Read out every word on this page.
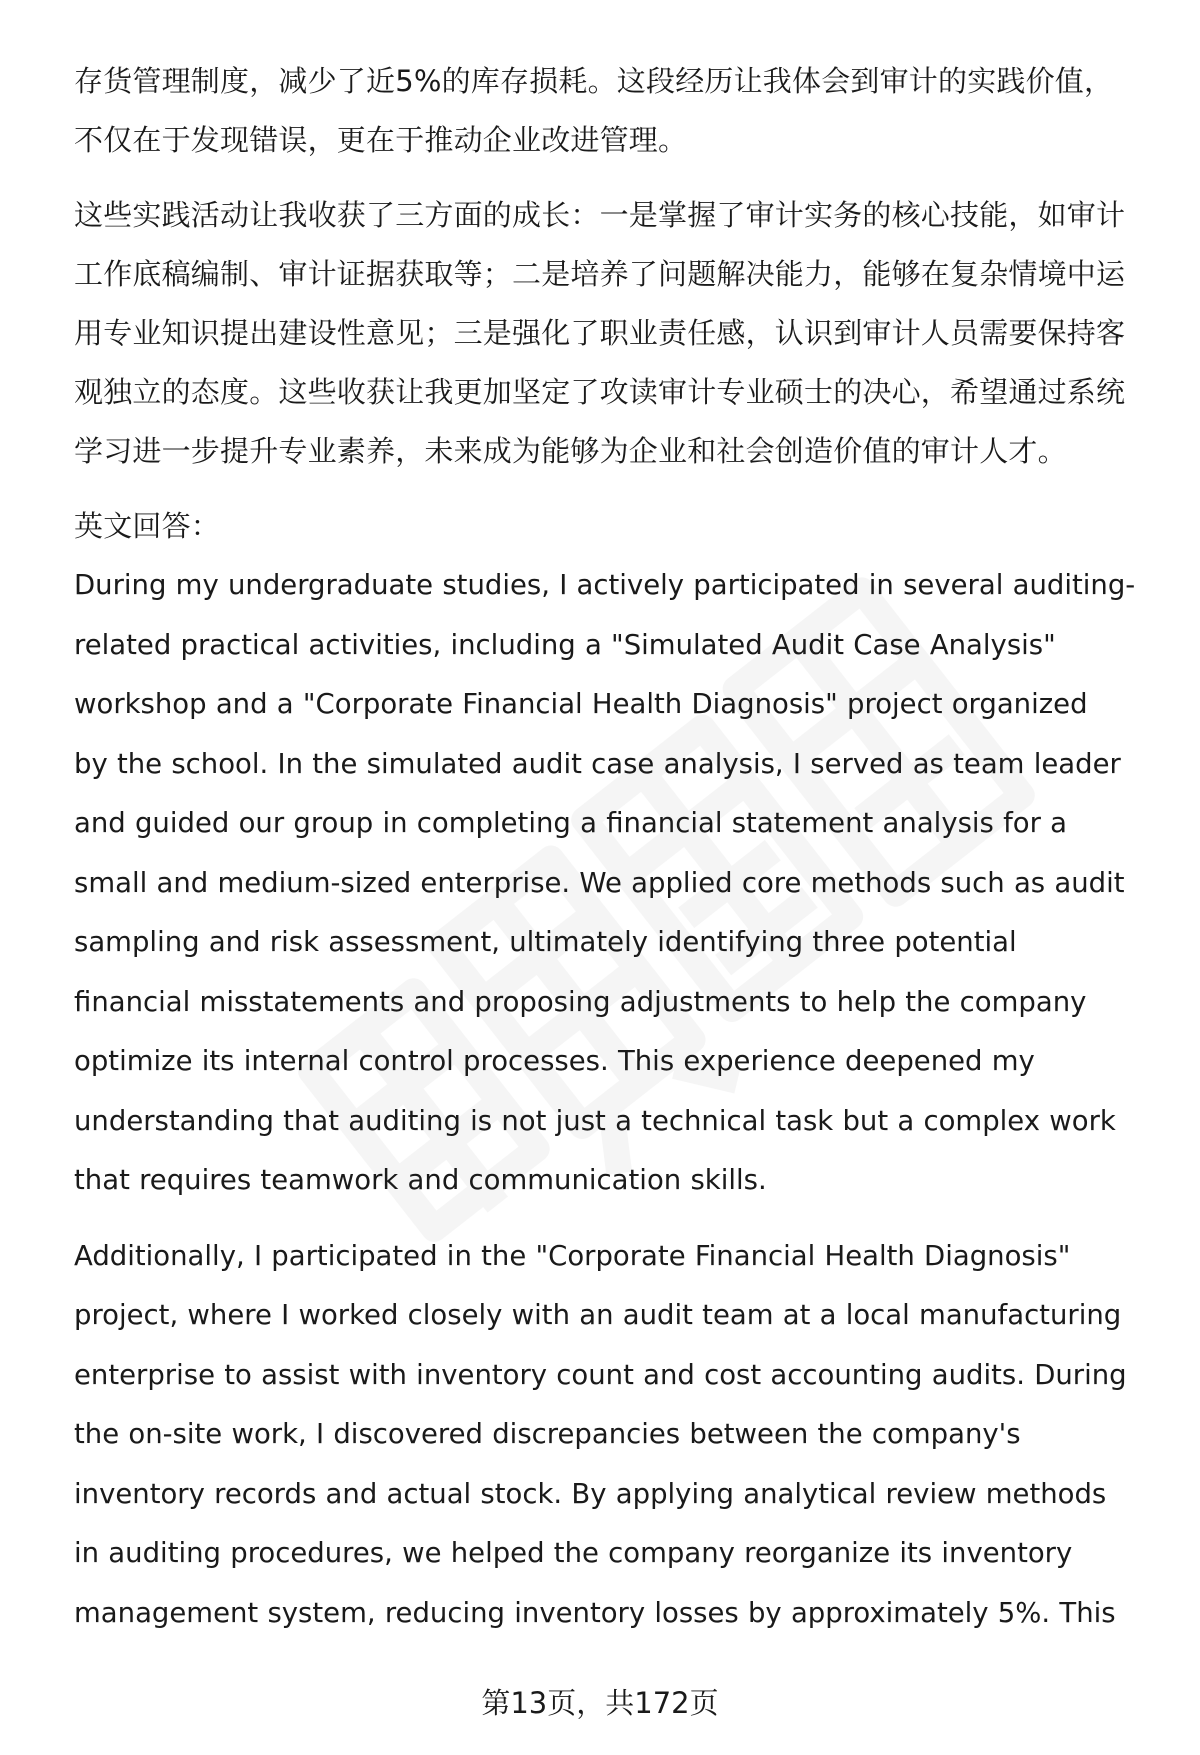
存货管理制度，减少了近5%的库存损耗。这段经历让我体会到审计的实践价值，
不仅在于发现错误，更在于推动企业改进管理。

这些实践活动让我收获了三方面的成长：一是掌握了审计实务的核心技能，如审计
工作底稿编制、审计证据获取等；二是培养了问题解决能力，能够在复杂情境中运
用专业知识提出建设性意见；三是强化了职业责任感，认识到审计人员需要保持客
观独立的态度。这些收获让我更加坚定了攻读审计专业硕士的决心，希望通过系统
学习进一步提升专业素养，未来成为能够为企业和社会创造价值的审计人才。

英文回答：

During my undergraduate studies, I actively participated in several auditing-
related practical activities, including a "Simulated Audit Case Analysis"
workshop and a "Corporate Financial Health Diagnosis" project organized
by the school. In the simulated audit case analysis, I served as team leader
and guided our group in completing a financial statement analysis for a
small and medium-sized enterprise. We applied core methods such as audit
sampling and risk assessment, ultimately identifying three potential
financial misstatements and proposing adjustments to help the company
optimize its internal control processes. This experience deepened my
understanding that auditing is not just a technical task but a complex work
that requires teamwork and communication skills.

Additionally, I participated in the "Corporate Financial Health Diagnosis"
project, where I worked closely with an audit team at a local manufacturing
enterprise to assist with inventory count and cost accounting audits. During
the on-site work, I discovered discrepancies between the company's
inventory records and actual stock. By applying analytical review methods
in auditing procedures, we helped the company reorganize its inventory
management system, reducing inventory losses by approximately 5%. This

第13页，共172页
